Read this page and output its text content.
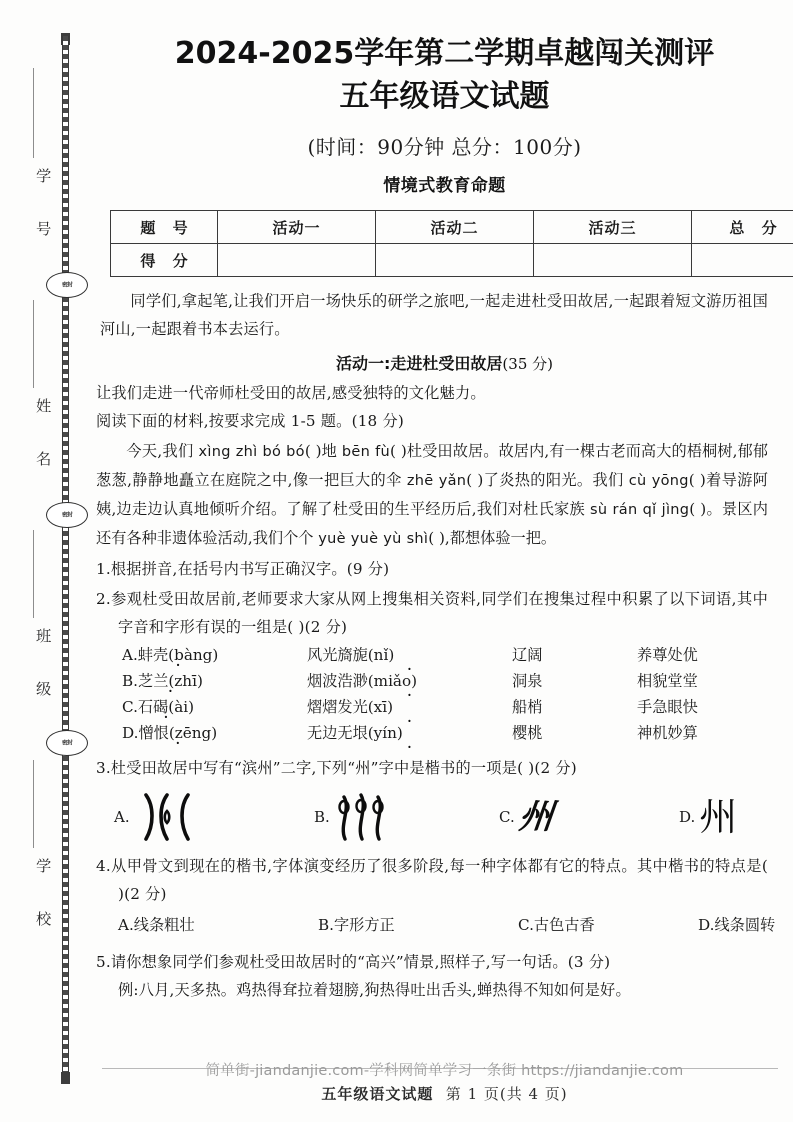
学 号
姓 名
班 级
学 校
密封
密封
密封
2024-2025学年第二学期卓越闯关测评
五年级语文试题
(时间：90分钟 总分：100分)
情境式教育命题
题 号	活动一	活动二	活动三	总 分
得 分				

同学们,拿起笔,让我们开启一场快乐的研学之旅吧,一起走进杜受田故居,一起跟着短文游历祖国河山,一起跟着书本去运行。

活动一:走进杜受田故居(35 分)

让我们走进一代帝师杜受田的故居,感受独特的文化魅力。

阅读下面的材料,按要求完成 1-5 题。(18 分)

今天,我们 xìng zhì bó bó( )地 bēn fù( )杜受田故居。故居内,有一棵古老而高大的梧桐树,郁郁葱葱,静静地矗立在庭院之中,像一把巨大的伞 zhē yǎn( )了炎热的阳光。我们 cù yōng( )着导游阿姨,边走边认真地倾听介绍。了解了杜受田的生平经历后,我们对杜氏家族 sù rán qǐ jìng( )。景区内还有各种非遗体验活动,我们个个 yuè yuè yù shì( ),都想体验一把。

1.根据拼音,在括号内书写正确汉字。(9 分)

2.参观杜受田故居前,老师要求大家从网上搜集相关资料,同学们在搜集过程中积累了以下词语,其中字音和字形有误的一组是( )(2 分)

A.蚌壳(bàng) ·	风光旖旎(nǐ) ·	辽阔	养尊处优
B.芝兰(zhī) ·	烟波浩渺(miǎo) ·	洞泉	相貌堂堂
C.石碣(ài) ·	熠熠发光(xī) ·	船梢	手急眼快
D.憎恨(zēng) ·	无边无垠(yín) ·	樱桃	神机妙算

3.杜受田故居中写有“滨州”二字,下列“州”字中是楷书的一项是( )(2 分)

A.	B.	C. 州	D. 州

4.从甲骨文到现在的楷书,字体演变经历了很多阶段,每一种字体都有它的特点。其中楷书的特点是( )(2 分)

A.线条粗壮	B.字形方正	C.古色古香	D.线条圆转

5.请你想象同学们参观杜受田故居时的“高兴”情景,照样子,写一句话。(3 分)

例:八月,天多热。鸡热得耷拉着翅膀,狗热得吐出舌头,蝉热得不知如何是好。

简单街-jiandanjie.com-学科网简单学习一条街 https://jiandanjie.com
五年级语文试题 第 1 页(共 4 页)
